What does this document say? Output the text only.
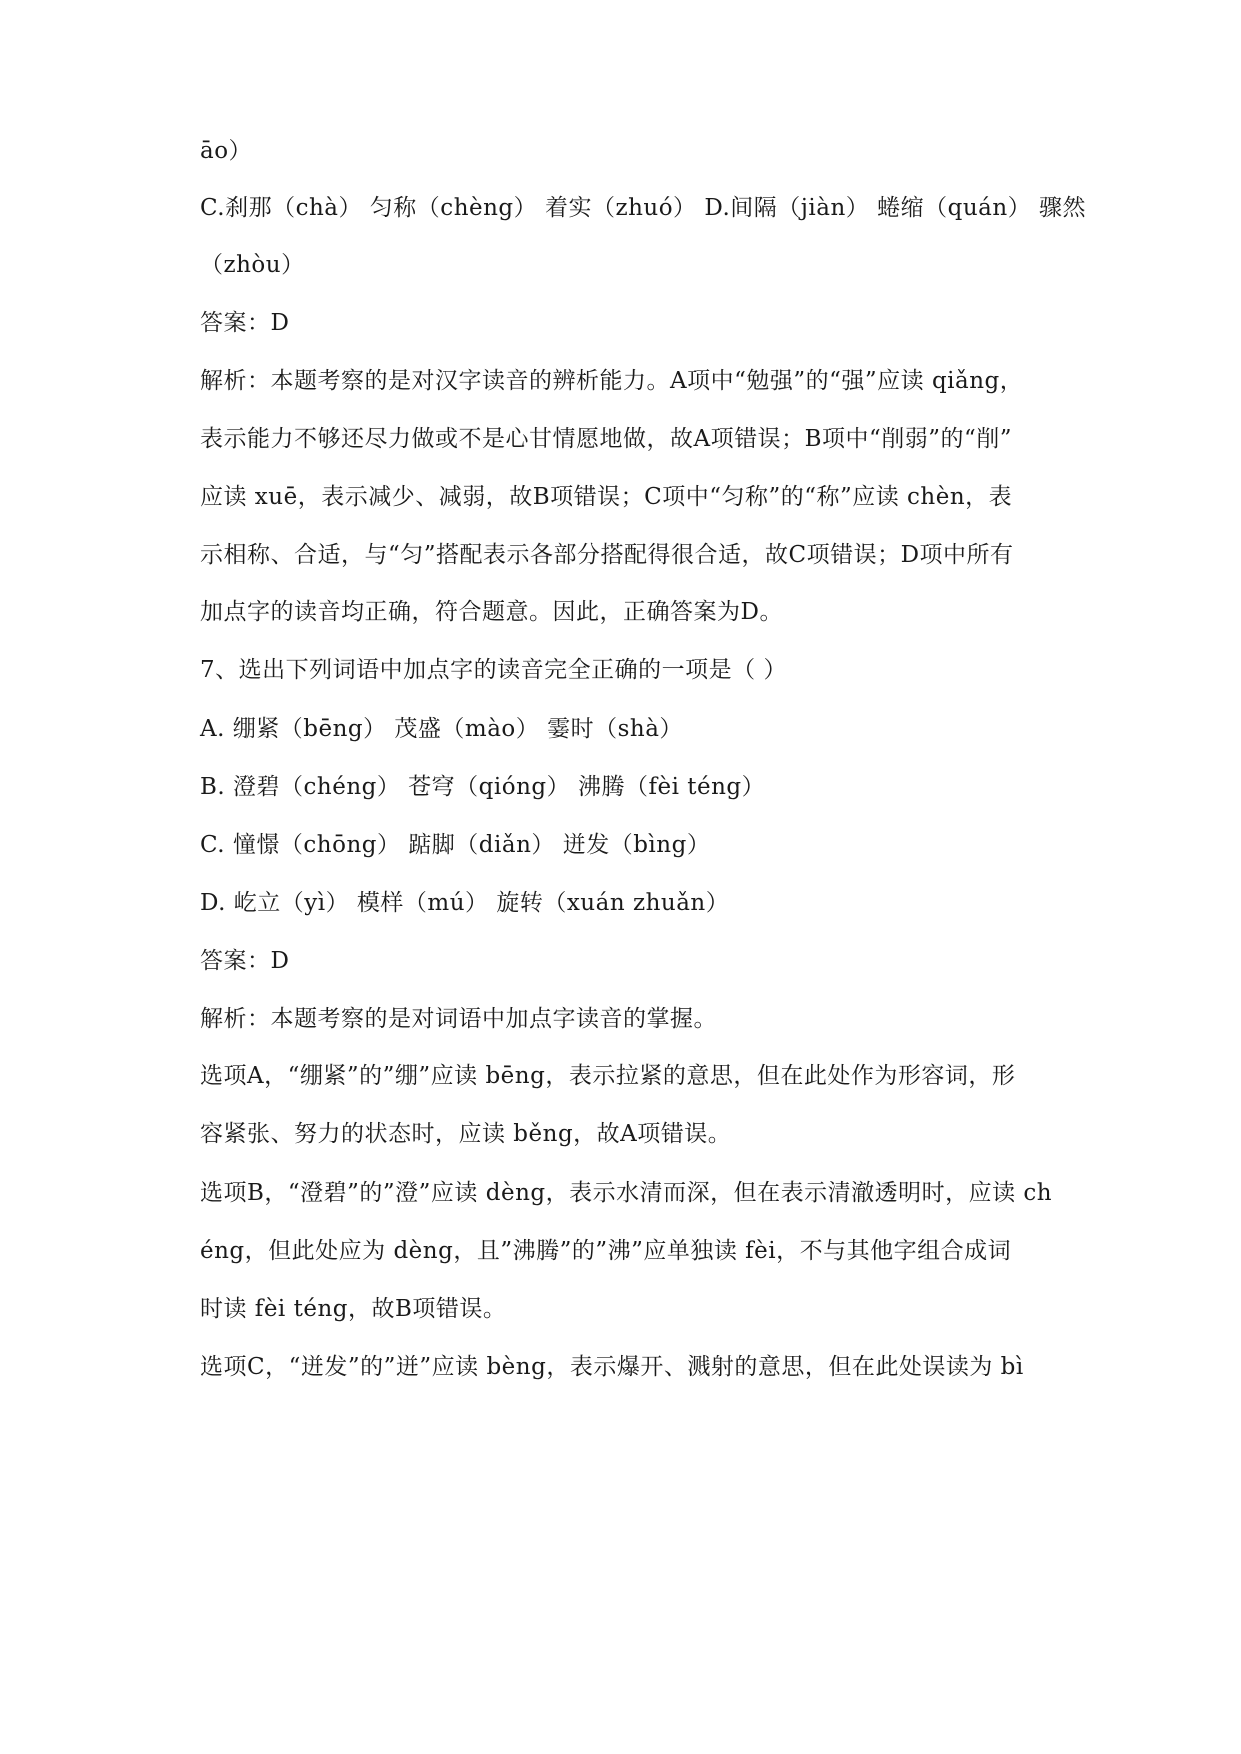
āo）
C.刹那（chà） 匀称（chèng） 着实（zhuó） D.间隔（jiàn） 蜷缩（quán） 骤然
（zhòu）
答案：D
解析：本题考察的是对汉字读音的辨析能力。A项中“勉强”的“强”应读 qiǎng，
表示能力不够还尽力做或不是心甘情愿地做，故A项错误；B项中“削弱”的“削”
应读 xuē，表示减少、减弱，故B项错误；C项中“匀称”的“称”应读 chèn，表
示相称、合适，与“匀”搭配表示各部分搭配得很合适，故C项错误；D项中所有
加点字的读音均正确，符合题意。因此，正确答案为D。
7、选出下列词语中加点字的读音完全正确的一项是（ ）
A. 绷紧（bēng） 茂盛（mào） 霎时（shà）
B. 澄碧（chéng） 苍穹（qióng） 沸腾（fèi téng）
C. 憧憬（chōng） 踮脚（diǎn） 迸发（bìng）
D. 屹立（yì） 模样（mú） 旋转（xuán zhuǎn）
答案：D
解析：本题考察的是对词语中加点字读音的掌握。
选项A，“绷紧”的”绷”应读 bēng，表示拉紧的意思，但在此处作为形容词，形
容紧张、努力的状态时，应读 běng，故A项错误。
选项B，“澄碧”的”澄”应读 dèng，表示水清而深，但在表示清澈透明时，应读 ch
éng，但此处应为 dèng，且”沸腾”的”沸”应单独读 fèi，不与其他字组合成词
时读 fèi téng，故B项错误。
选项C，“迸发”的”迸”应读 bèng，表示爆开、溅射的意思，但在此处误读为 bì
